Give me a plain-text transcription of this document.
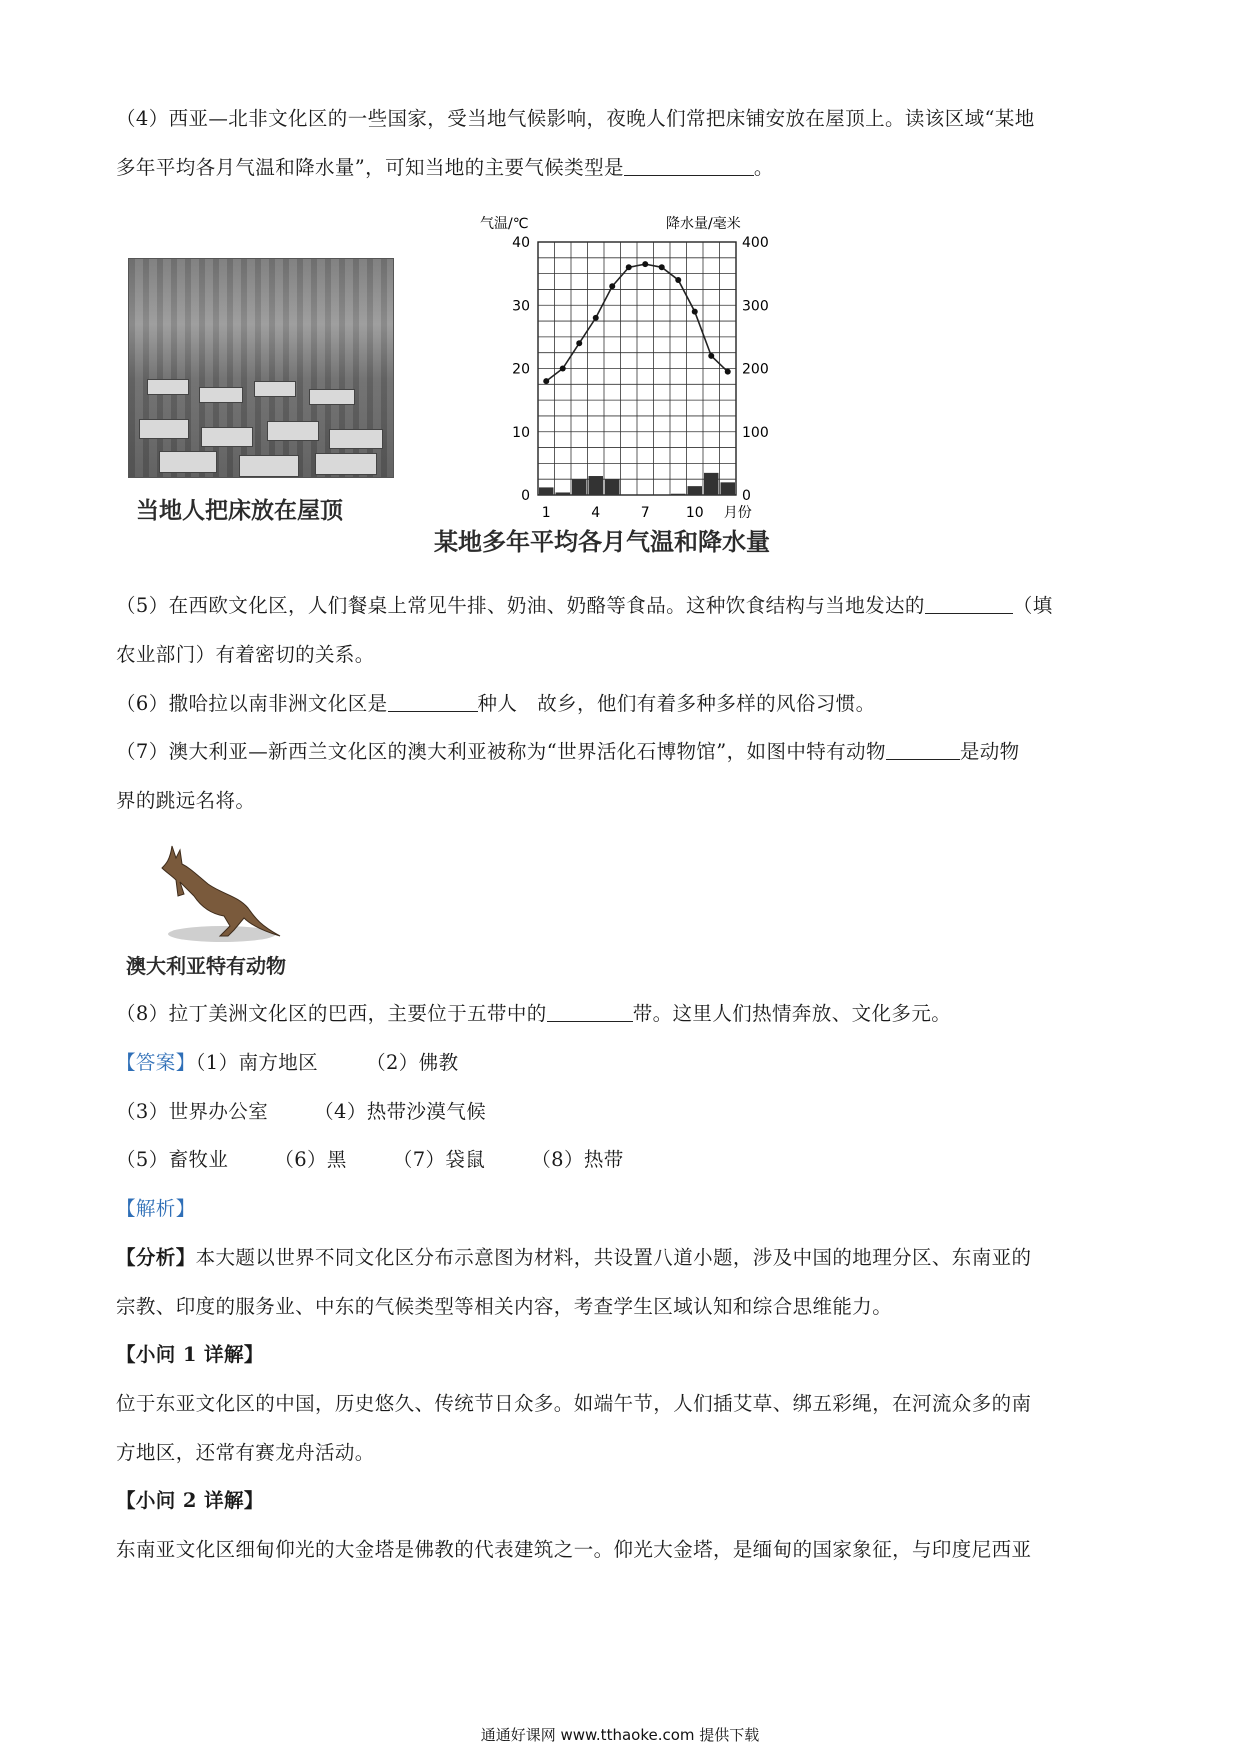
（4）西亚—北非文化区的一些国家，受当地气候影响，夜晚人们常把床铺安放在屋顶上。读该区域“某地
多年平均各月气温和降水量”，可知当地的主要气候类型是	。
当地人把床放在屋顶
气温/℃	降水量/毫米
0
10
20
30
40
0
100
200
300
400
1	4	7	10 月份
某地多年平均各月气温和降水量
（5）在西欧文化区，人们餐桌上常见牛排、奶油、奶酪等食品。这种饮食结构与当地发达的	（填
农业部门）有着密切的关系。
（6）撒哈拉以南非洲文化区是	种人　故乡，他们有着多种多样的风俗习惯。
（7）澳大利亚—新西兰文化区的澳大利亚被称为“世界活化石博物馆”，如图中特有动物	是动物
界的跳远名将。
澳大利亚特有动物
（8）拉丁美洲文化区的巴西，主要位于五带中的	带。这里人们热情奔放、文化多元。
【答案】（1）南方地区 （2）佛教
（3）世界办公室 （4）热带沙漠气候
（5）畜牧业 （6）黑 （7）袋鼠 （8）热带
【解析】
【分析】本大题以世界不同文化区分布示意图为材料，共设置八道小题，涉及中国的地理分区、东南亚的
宗教、印度的服务业、中东的气候类型等相关内容，考查学生区域认知和综合思维能力。
【小问 1 详解】
位于东亚文化区的中国，历史悠久、传统节日众多。如端午节，人们插艾草、绑五彩绳，在河流众多的南
方地区，还常有赛龙舟活动。
【小问 2 详解】
东南亚文化区细甸仰光的大金塔是佛教的代表建筑之一。仰光大金塔，是缅甸的国家象征，与印度尼西亚
通通好课网 www.tthaoke.com 提供下载
